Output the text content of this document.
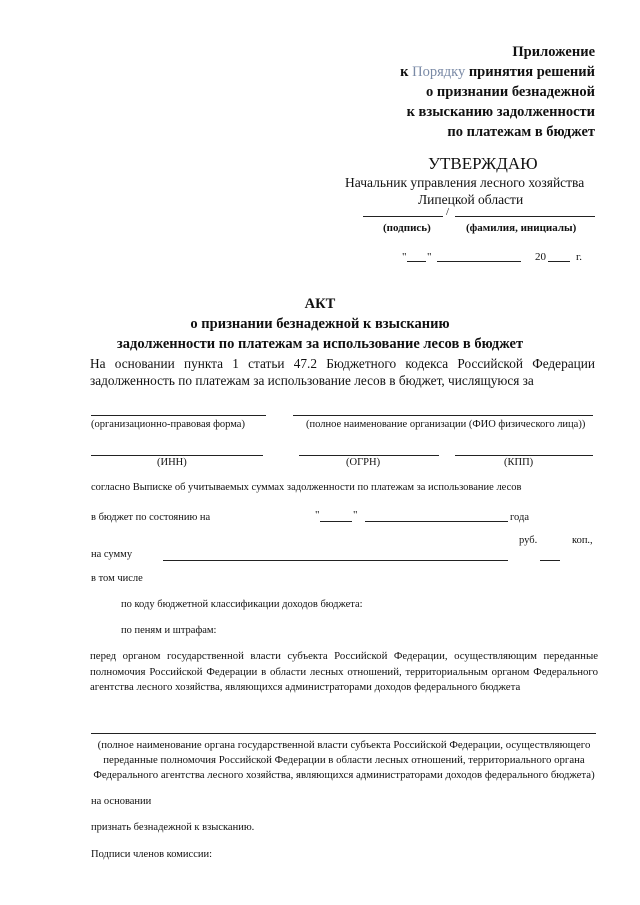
Приложение
к Порядку принятия решений
о признании безнадежной
к взысканию задолженности
по платежам в бюджет
УТВЕРЖДАЮ
Начальник управления лесного хозяйства
Липецкой области
/
(подпись)	(фамилия, инициалы)
" "	20	г.
АКТ
о признании безнадежной к взысканию
задолженности по платежам за использование лесов в бюджет
На основании пункта 1 статьи 47.2 Бюджетного кодекса Российской Федерации задолженность по платежам за использование лесов в бюджет, числящуюся за
(организационно-правовая форма)	(полное наименование организации (ФИО физического лица))
(ИНН)	(ОГРН)	(КПП)
согласно Выписке об учитываемых суммах задолженности по платежам за использование лесов
в бюджет по состоянию на	"	"	года
руб.	коп.,
на сумму
в том числе
по коду бюджетной классификации доходов бюджета:
по пеням и штрафам:
перед органом государственной власти субъекта Российской Федерации, осуществляющим переданные полномочия Российской Федерации в области лесных отношений, территориальным органом Федерального агентства лесного хозяйства, являющихся администраторами доходов федерального бюджета
(полное наименование органа государственной власти субъекта Российской Федерации, осуществляющего переданные полномочия Российской Федерации в области лесных отношений, территориального органа Федерального агентства лесного хозяйства, являющихся администраторами доходов федерального бюджета)
на основании
признать безнадежной к взысканию.
Подписи членов комиссии:
